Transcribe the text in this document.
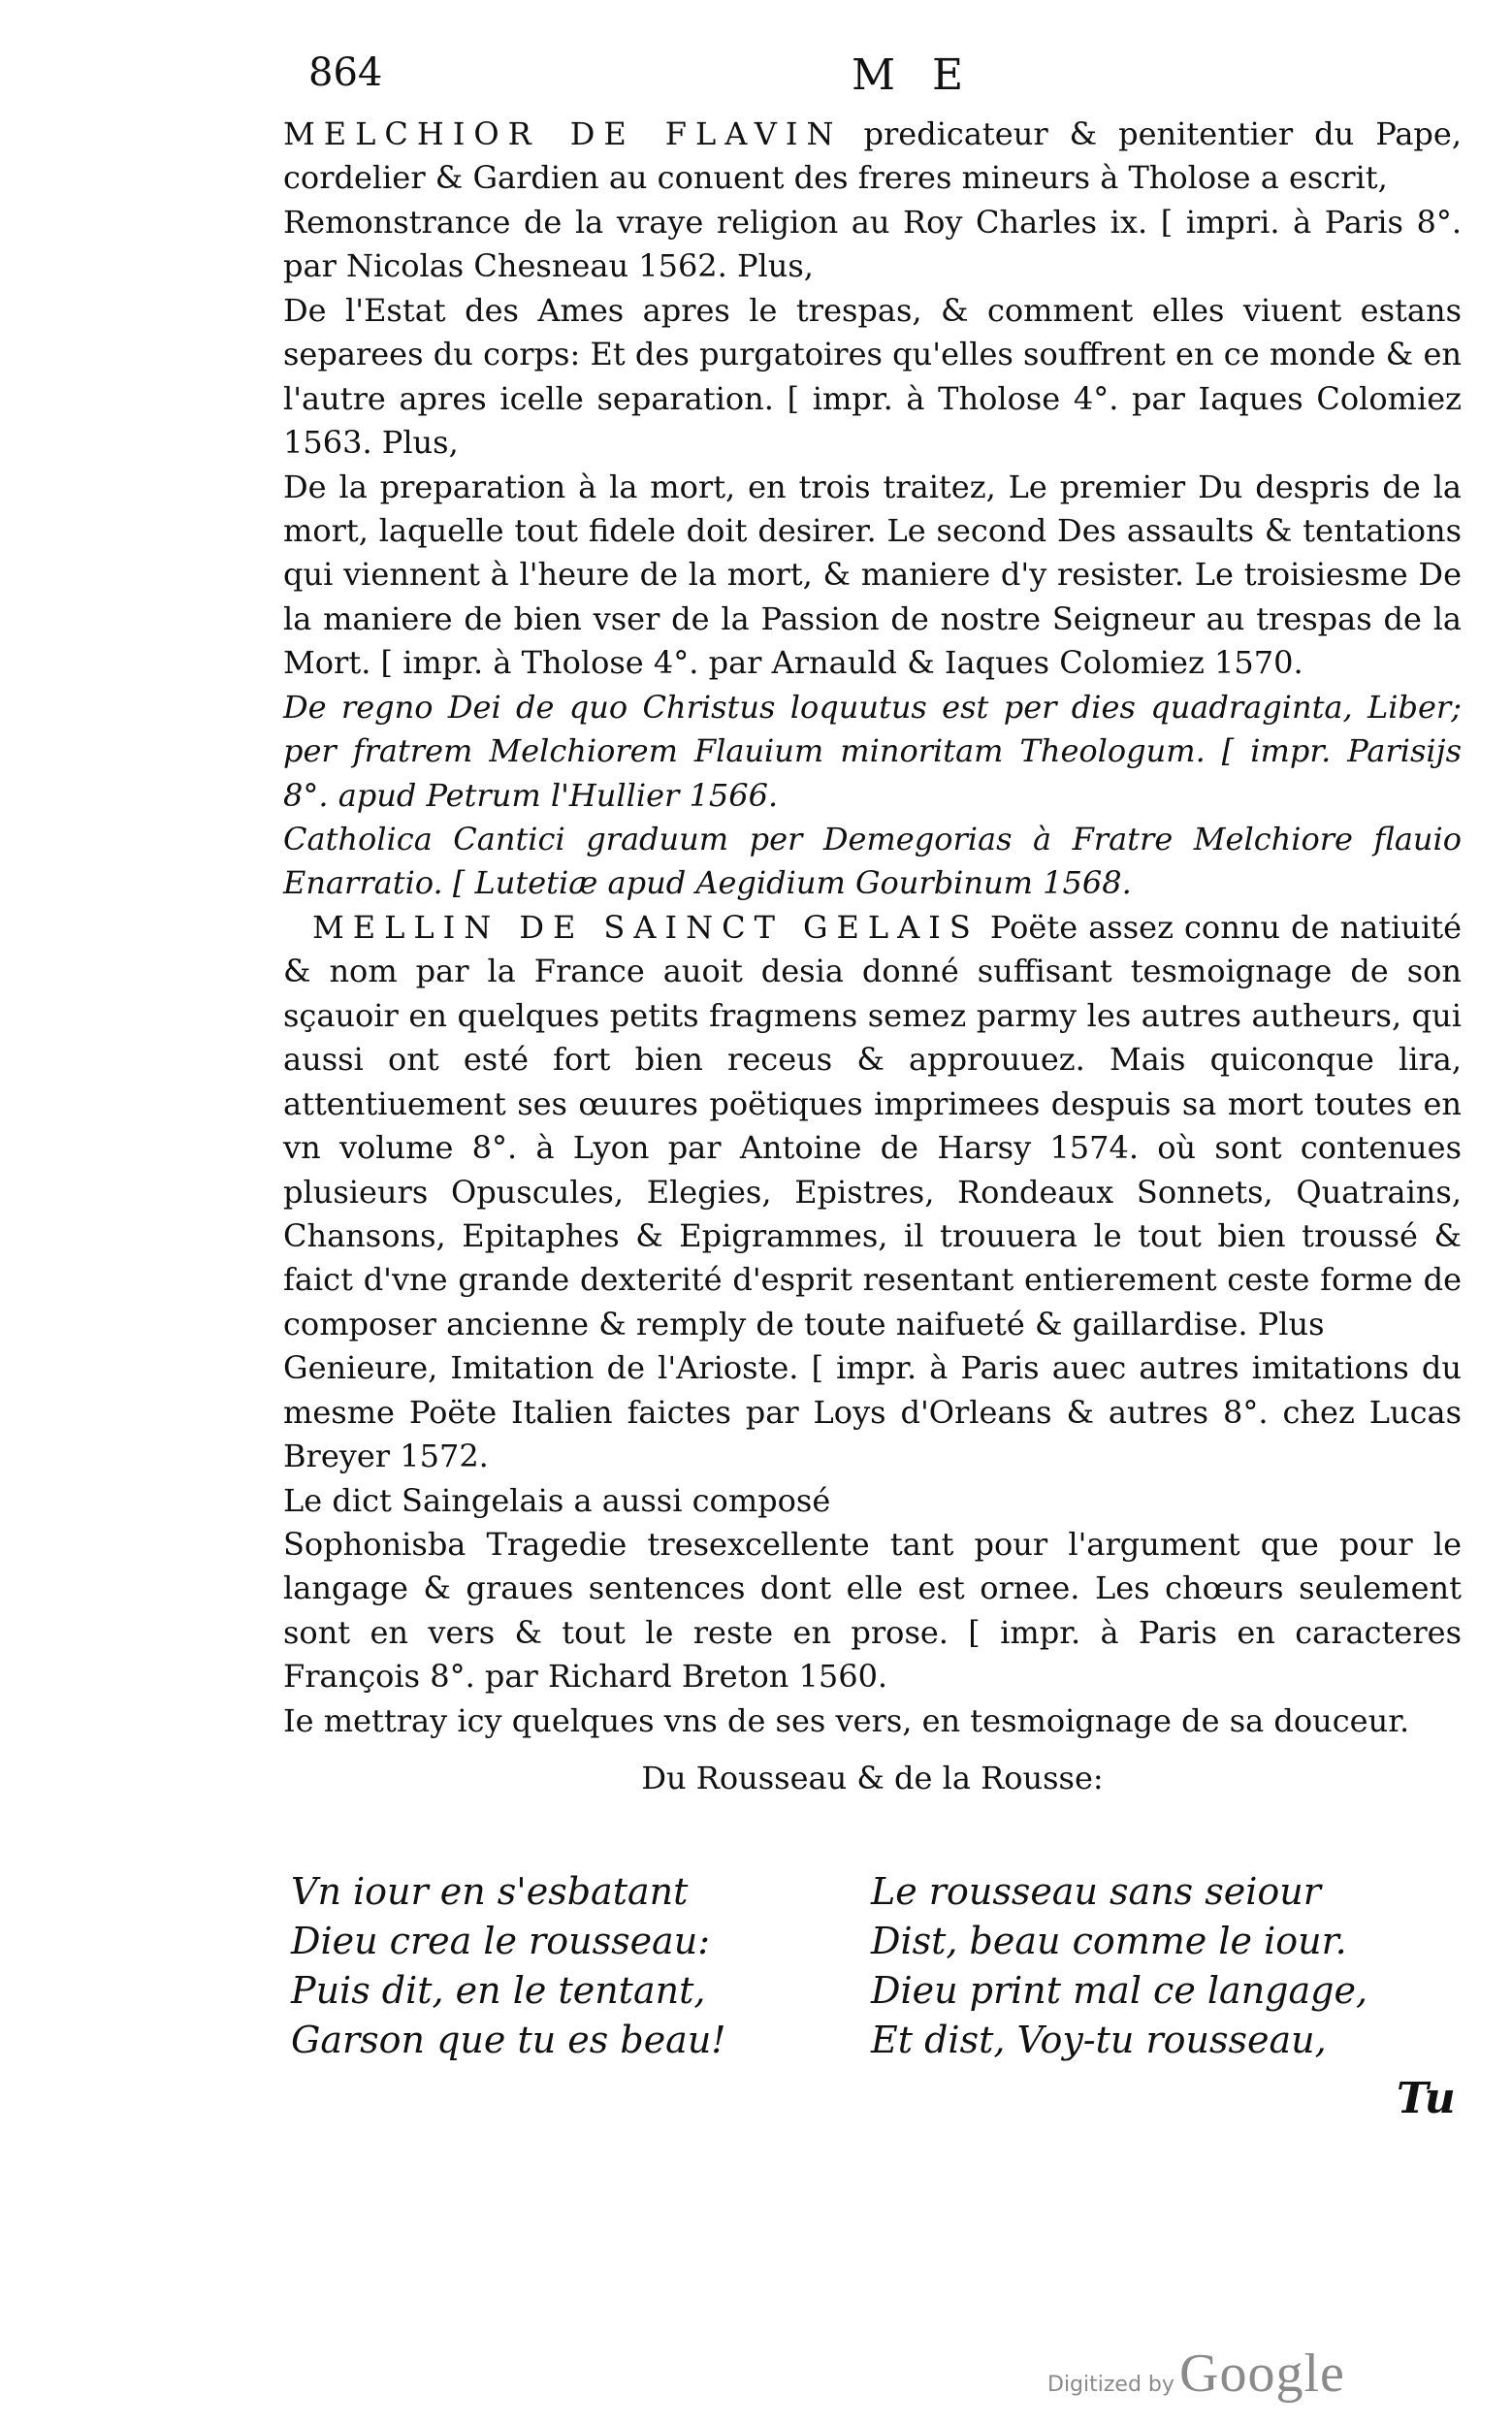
864	M E

MELCHIOR DE FLAVIN predicateur & penitentier du Pape, cordelier & Gardien au conuent des freres mineurs à Tholose a escrit,

Remonstrance de la vraye religion au Roy Charles ix. [ impri. à Paris 8°. par Nicolas Chesneau 1562. Plus,

De l'Estat des Ames apres le trespas, & comment elles viuent estans separees du corps: Et des purgatoires qu'elles souffrent en ce monde & en l'autre apres icelle separation. [ impr. à Tholose 4°. par Iaques Colomiez 1563. Plus,

De la preparation à la mort, en trois traitez, Le premier Du despris de la mort, laquelle tout fidele doit desirer. Le second Des assaults & tentations qui viennent à l'heure de la mort, & maniere d'y resister. Le troisiesme De la maniere de bien vser de la Passion de nostre Seigneur au trespas de la Mort. [ impr. à Tholose 4°. par Arnauld & Iaques Colomiez 1570.

De regno Dei de quo Christus loquutus est per dies quadraginta, Liber; per fratrem Melchiorem Flauium minoritam Theologum. [ impr. Parisijs 8°. apud Petrum l'Hullier 1566.

Catholica Cantici graduum per Demegorias à Fratre Melchiore flauio Enarratio. [ Lutetiæ apud Aegidium Gourbinum 1568.

MELLIN DE SAINCT GELAIS Poëte assez connu de natiuité & nom par la France auoit desia donné suffisant tesmoignage de son sçauoir en quelques petits fragmens semez parmy les autres autheurs, qui aussi ont esté fort bien receus & approuuez. Mais quiconque lira, attentiuement ses œuures poëtiques imprimees despuis sa mort toutes en vn volume 8°. à Lyon par Antoine de Harsy 1574. où sont contenues plusieurs Opuscules, Elegies, Epistres, Rondeaux Sonnets, Quatrains, Chansons, Epitaphes & Epigrammes, il trouuera le tout bien troussé & faict d'vne grande dexterité d'esprit resentant entierement ceste forme de composer ancienne & remply de toute naifueté & gaillardise. Plus

Genieure, Imitation de l'Arioste. [ impr. à Paris auec autres imitations du mesme Poëte Italien faictes par Loys d'Orleans & autres 8°. chez Lucas Breyer 1572.

Le dict Saingelais a aussi composé

Sophonisba Tragedie tresexcellente tant pour l'argument que pour le langage & graues sentences dont elle est ornee. Les chœurs seulement sont en vers & tout le reste en prose. [ impr. à Paris en caracteres François 8°. par Richard Breton 1560.

Ie mettray icy quelques vns de ses vers, en tesmoignage de sa douceur.

Du Rousseau & de la Rousse:

Vn iour en s'esbatant
Dieu crea le rousseau:
Puis dit, en le tentant,
Garson que tu es beau!
Le rousseau sans seiour
Dist, beau comme le iour.
Dieu print mal ce langage,
Et dist, Voy-tu rousseau,
Tu
Digitized by Google
